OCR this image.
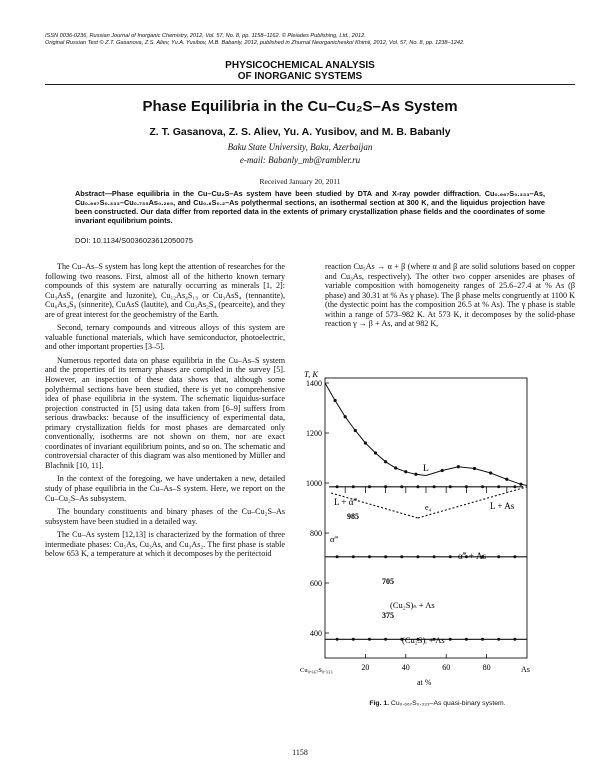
ISSN 0036-0236, Russian Journal of Inorganic Chemistry, 2012, Vol. 57, No. 8, pp. 1158–1162. © Pleiades Publishing, Ltd., 2012.
Original Russian Text © Z.T. Gasanova, Z.S. Aliev, Yu.A. Yusibov, M.B. Babanly, 2012, published in Zhurnal Neorganicheskoi Khimii, 2012, Vol. 57, No. 8, pp. 1238–1242.
PHYSICOCHEMICAL ANALYSIS
OF INORGANIC SYSTEMS
Phase Equilibria in the Cu–Cu₂S–As System
Z. T. Gasanova, Z. S. Aliev, Yu. A. Yusibov, and M. B. Babanly
Baku State University, Baku, Azerbaijan
e-mail: Babanly_mb@rambler.ru
Received January 20, 2011
Abstract—Phase equilibria in the Cu–Cu₂S–As system have been studied by DTA and X-ray powder diffraction. Cu₀.₆₆₇S₀.₃₃₃–As, Cu₀.₆₆₇S₀.₃₃₃–Cu₀.₇₃₅As₀.₂₆₅, and Cu₀.₈S₀.₂–As polythermal sections, an isothermal section at 300 K, and the liquidus projection have been constructed. Our data differ from reported data in the extents of primary crystallization phase fields and the coordinates of some invariant equilibrium points.
DOI: 10.1134/S0036023612050075

The Cu–As–S system has long kept the attention of researches for the following two reasons. First, almost all of the hitherto known ternary compounds of this system are naturally occurring as minerals [1, 2]: Cu₃AsS₄ (enargite and luzonite), Cu₁₂As₄S₁₃ or Cu₃AsS₄ (tennantite), Cu₆As₄S₉ (sinnerite), CuAsS (lautite), and Cu₃As₂S₄ (pearceite), and they are of great interest for the geochemistry of the Earth.

Second, ternary compounds and vitreous alloys of this system are valuable functional materials, which have semiconductor, photoelectric, and other important properties [3–5].

Numerous reported data on phase equilibria in the Cu–As–S system and the properties of its ternary phases are compiled in the survey [5]. However, an inspection of these data shows that, although some polythermal sections have been studied, there is yet no comprehensive idea of phase equilibria in the system. The schematic liquidus-surface projection constructed in [5] using data taken from [6–9] suffers from serious drawbacks: because of the insufficiency of experimental data, primary crystallization fields for most phases are demarcated only conventionally, isotherms are not shown on them, nor are exact coordinates of invariant equilibrium points, and so on. The schematic and controversial character of this diagram was also mentioned by Müller and Blachnik [10, 11].

In the context of the foregoing, we have undertaken a new, detailed study of phase equilibria in the Cu–As–S system. Here, we report on the Cu–Cu₂S–As subsystem.

The boundary constituents and binary phases of the Cu–Cu₂S–As subsystem have been studied in a detailed way.

The Cu–As system [12,13] is characterized by the formation of three intermediate phases: Cu₅As, Cu₃As, and Cu₃As₂. The first phase is stable below 653 K, a temperature at which it decomposes by the peritectoid

reaction Cu₅As → α + β (where α and β are solid solutions based on copper and Cu₃As, respectively). The other two copper arsenides are phases of variable composition with homogeneity ranges of 25.6–27.4 at % As (β phase) and 30.31 at % As γ phase). The β phase melts congruently at 1100 K (the dystectic point has the composition 26.5 at % As). The γ phase is stable within a range of 573–982 K. At 573 K, it decomposes by the solid-phase reaction γ → β + As, and at 982 K,

400
600
800
1000
1200
1400
20	40	60	80
T, K
Cu₀.₆₆₇S₀.₃₃₃	As
at %
L
L + α‴	L + As
α‴
α‴ + As
(Cu₂S)ₙ + As
(Cu₂S)ᵢ + As
985
705
375
e₄
Fig. 1. Cu₀.₆₆₇S₀.₃₃₃–As quasi-binary system.
1158
